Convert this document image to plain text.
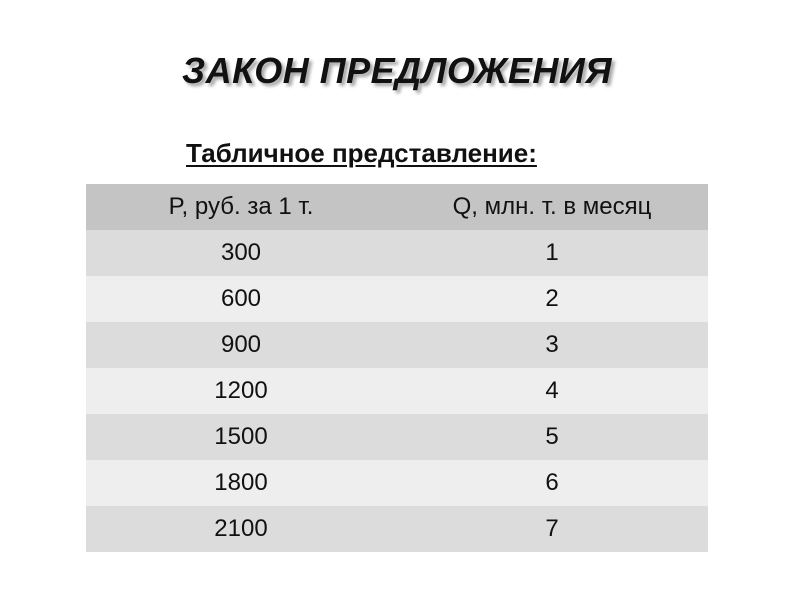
ЗАКОН ПРЕДЛОЖЕНИЯ
Табличное представление:
P, руб. за 1 т.	Q, млн. т. в месяц
300	1
600	2
900	3
1200	4
1500	5
1800	6
2100	7
